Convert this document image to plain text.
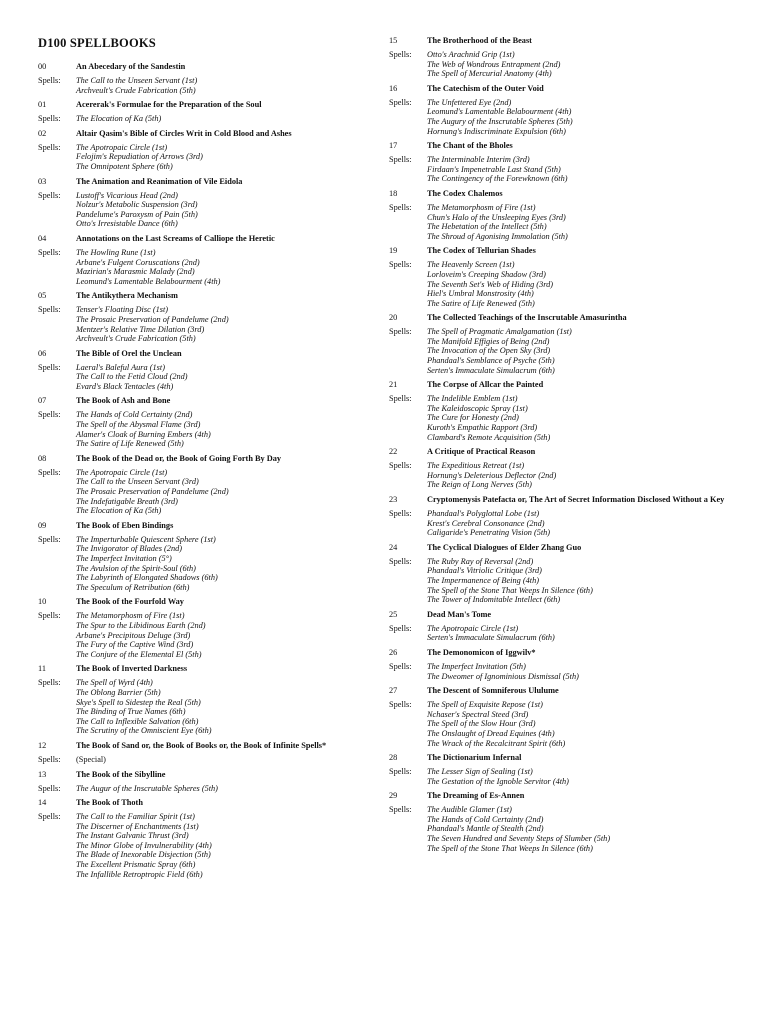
D100 SPELLBOOKS
00	An Abecedary of the Sandestin
Spells:	The Call to the Unseen Servant (1st)
Archveult's Crude Fabrication (5th)
01	Acererak's Formulae for the Preparation of the Soul
Spells:	The Elocation of Ka (5th)
02	Altair Qasim's Bible of Circles Writ in Cold Blood and Ashes
Spells:	The Apotropaic Circle (1st)
Felojim's Repudiation of Arrows (3rd)
The Omnipotent Sphere (6th)
03	The Animation and Reanimation of Vile Eidola
Spells:	Lustoff's Vicarious Head (2nd)
Nolzur's Metabolic Suspension (3rd)
Pandelume's Paroxysm of Pain (5th)
Otto's Irresistable Dance (6th)
04	Annotations on the Last Screams of Calliope the Heretic
Spells:	The Howling Rune (1st)
Arbane's Fulgent Coruscations (2nd)
Mazirian's Marasmic Malady (2nd)
Leomund's Lamentable Belabourment (4th)
05	The Antikythera Mechanism
Spells:	Tenser's Floating Disc (1st)
The Prosaic Preservation of Pandelume (2nd)
Mentzer's Relative Time Dilation (3rd)
Archveult's Crude Fabrication (5th)
06	The Bible of Orel the Unclean
Spells:	Laeral's Baleful Aura (1st)
The Call to the Fetid Cloud (2nd)
Evard's Black Tentacles (4th)
07	The Book of Ash and Bone
Spells:	The Hands of Cold Certainty (2nd)
The Spell of the Abysmal Flame (3rd)
Alamer's Cloak of Burning Embers (4th)
The Satire of Life Renewed (5th)
08	The Book of the Dead or, the Book of Going Forth By Day
Spells:	The Apotropaic Circle (1st)
The Call to the Unseen Servant (3rd)
The Prosaic Preservation of Pandelume (2nd)
The Indefatigable Breath (3rd)
The Elocation of Ka (5th)
09	The Book of Eben Bindings
Spells:	The Imperturbable Quiescent Sphere (1st)
The Invigorator of Blades (2nd)
The Imperfect Invitation (5°)
The Avulsion of the Spirit-Soul (6th)
The Labyrinth of Elongated Shadows (6th)
The Speculum of Retribution (6th)
10	The Book of the Fourfold Way
Spells:	The Metamorphosm of Fire (1st)
The Spur to the Libidinous Earth (2nd)
Arbane's Precipitous Deluge (3rd)
The Fury of the Captive Wind (3rd)
The Conjure of the Elemental El (5th)
11	The Book of Inverted Darkness
Spells:	The Spell of Wyrd (4th)
The Oblong Barrier (5th)
Skye's Spell to Sidestep the Real (5th)
The Binding of True Names (6th)
The Call to Inflexible Salvation (6th)
The Scrutiny of the Omniscient Eye (6th)
12	The Book of Sand or, the Book of Books or, the Book of Infinite Spells*
Spells:	(Special)
13	The Book of the Sibylline
Spells:	The Augur of the Inscrutable Spheres (5th)
14	The Book of Thoth
Spells:	The Call to the Familiar Spirit (1st)
The Discerner of Enchantments (1st)
The Instant Galvanic Thrust (3rd)
The Minor Globe of Invulnerability (4th)
The Blade of Inexorable Disjection (5th)
The Excellent Prismatic Spray (6th)
The Infallible Retroptropic Field (6th)
15	The Brotherhood of the Beast
Spells:	Otto's Arachnid Grip (1st)
The Web of Wondrous Entrapment (2nd)
The Spell of Mercurial Anatomy (4th)
16	The Catechism of the Outer Void
Spells:	The Unfettered Eye (2nd)
Leomund's Lamentable Belabourment (4th)
The Augury of the Inscrutable Spheres (5th)
Hornung's Indiscriminate Expulsion (6th)
17	The Chant of the Bholes
Spells:	The Interminable Interim (3rd)
Firdaan's Impenetrable Last Stand (5th)
The Contingency of the Forewknown (6th)
18	The Codex Chalemos
Spells:	The Metamorphosm of Fire (1st)
Chun's Halo of the Unsleeping Eyes (3rd)
The Hebetation of the Intellect (5th)
The Shroud of Agonising Immolation (5th)
19	The Codex of Tellurian Shades
Spells:	The Heavenly Screen (1st)
Lorloveim's Creeping Shadow (3rd)
The Seventh Set's Web of Hiding (3rd)
Hiel's Umbral Monstrosity (4th)
The Satire of Life Renewed (5th)
20	The Collected Teachings of the Inscrutable Amasurintha
Spells:	The Spell of Pragmatic Amalgamation (1st)
The Manifold Effigies of Being (2nd)
The Invocation of the Open Sky (3rd)
Phandaal's Semblance of Psyche (5th)
Serten's Immaculate Simulacrum (6th)
21	The Corpse of Allcar the Painted
Spells:	The Indelible Emblem (1st)
The Kaleidoscopic Spray (1st)
The Cure for Honesty (2nd)
Kuroth's Empathic Rapport (3rd)
Clambard's Remote Acquisition (5th)
22	A Critique of Practical Reason
Spells:	The Expeditious Retreat (1st)
Hornung's Deleterious Deflector (2nd)
The Reign of Long Nerves (5th)
23	Cryptomenysis Patefacta or, The Art of Secret Information Disclosed Without a Key
Spells:	Phandaal's Polyglottal Lobe (1st)
Krest's Cerebral Consonance (2nd)
Caligaride's Penetrating Vision (5th)
24	The Cyclical Dialogues of Elder Zhang Guo
Spells:	The Ruby Ray of Reversal (2nd)
Phandaal's Vitriolic Critique (3rd)
The Impermanence of Being (4th)
The Spell of the Stone That Weeps In Silence (6th)
The Tower of Indomitable Intellect (6th)
25	Dead Man's Tome
Spells:	The Apotropaic Circle (1st)
Serten's Immaculate Simulacrum (6th)
26	The Demonomicon of Iggwilv*
Spells:	The Imperfect Invitation (5th)
The Dweomer of Ignominious Dismissal (5th)
27	The Descent of Somniferous Ululume
Spells:	The Spell of Exquisite Repose (1st)
Nchaser's Spectral Steed (3rd)
The Spell of the Slow Hour (3rd)
The Onslaught of Dread Equines (4th)
The Wrack of the Recalcitrant Spirit (6th)
28	The Dictionarium Infernal
Spells:	The Lesser Sign of Sealing (1st)
The Gestation of the Ignoble Servitor (4th)
29	The Dreaming of Es-Annen
Spells:	The Audible Glamer (1st)
The Hands of Cold Certainty (2nd)
Phandaal's Mantle of Stealth (2nd)
The Seven Hundred and Seventy Steps of Slumber (5th)
The Spell of the Stone That Weeps In Silence (6th)
